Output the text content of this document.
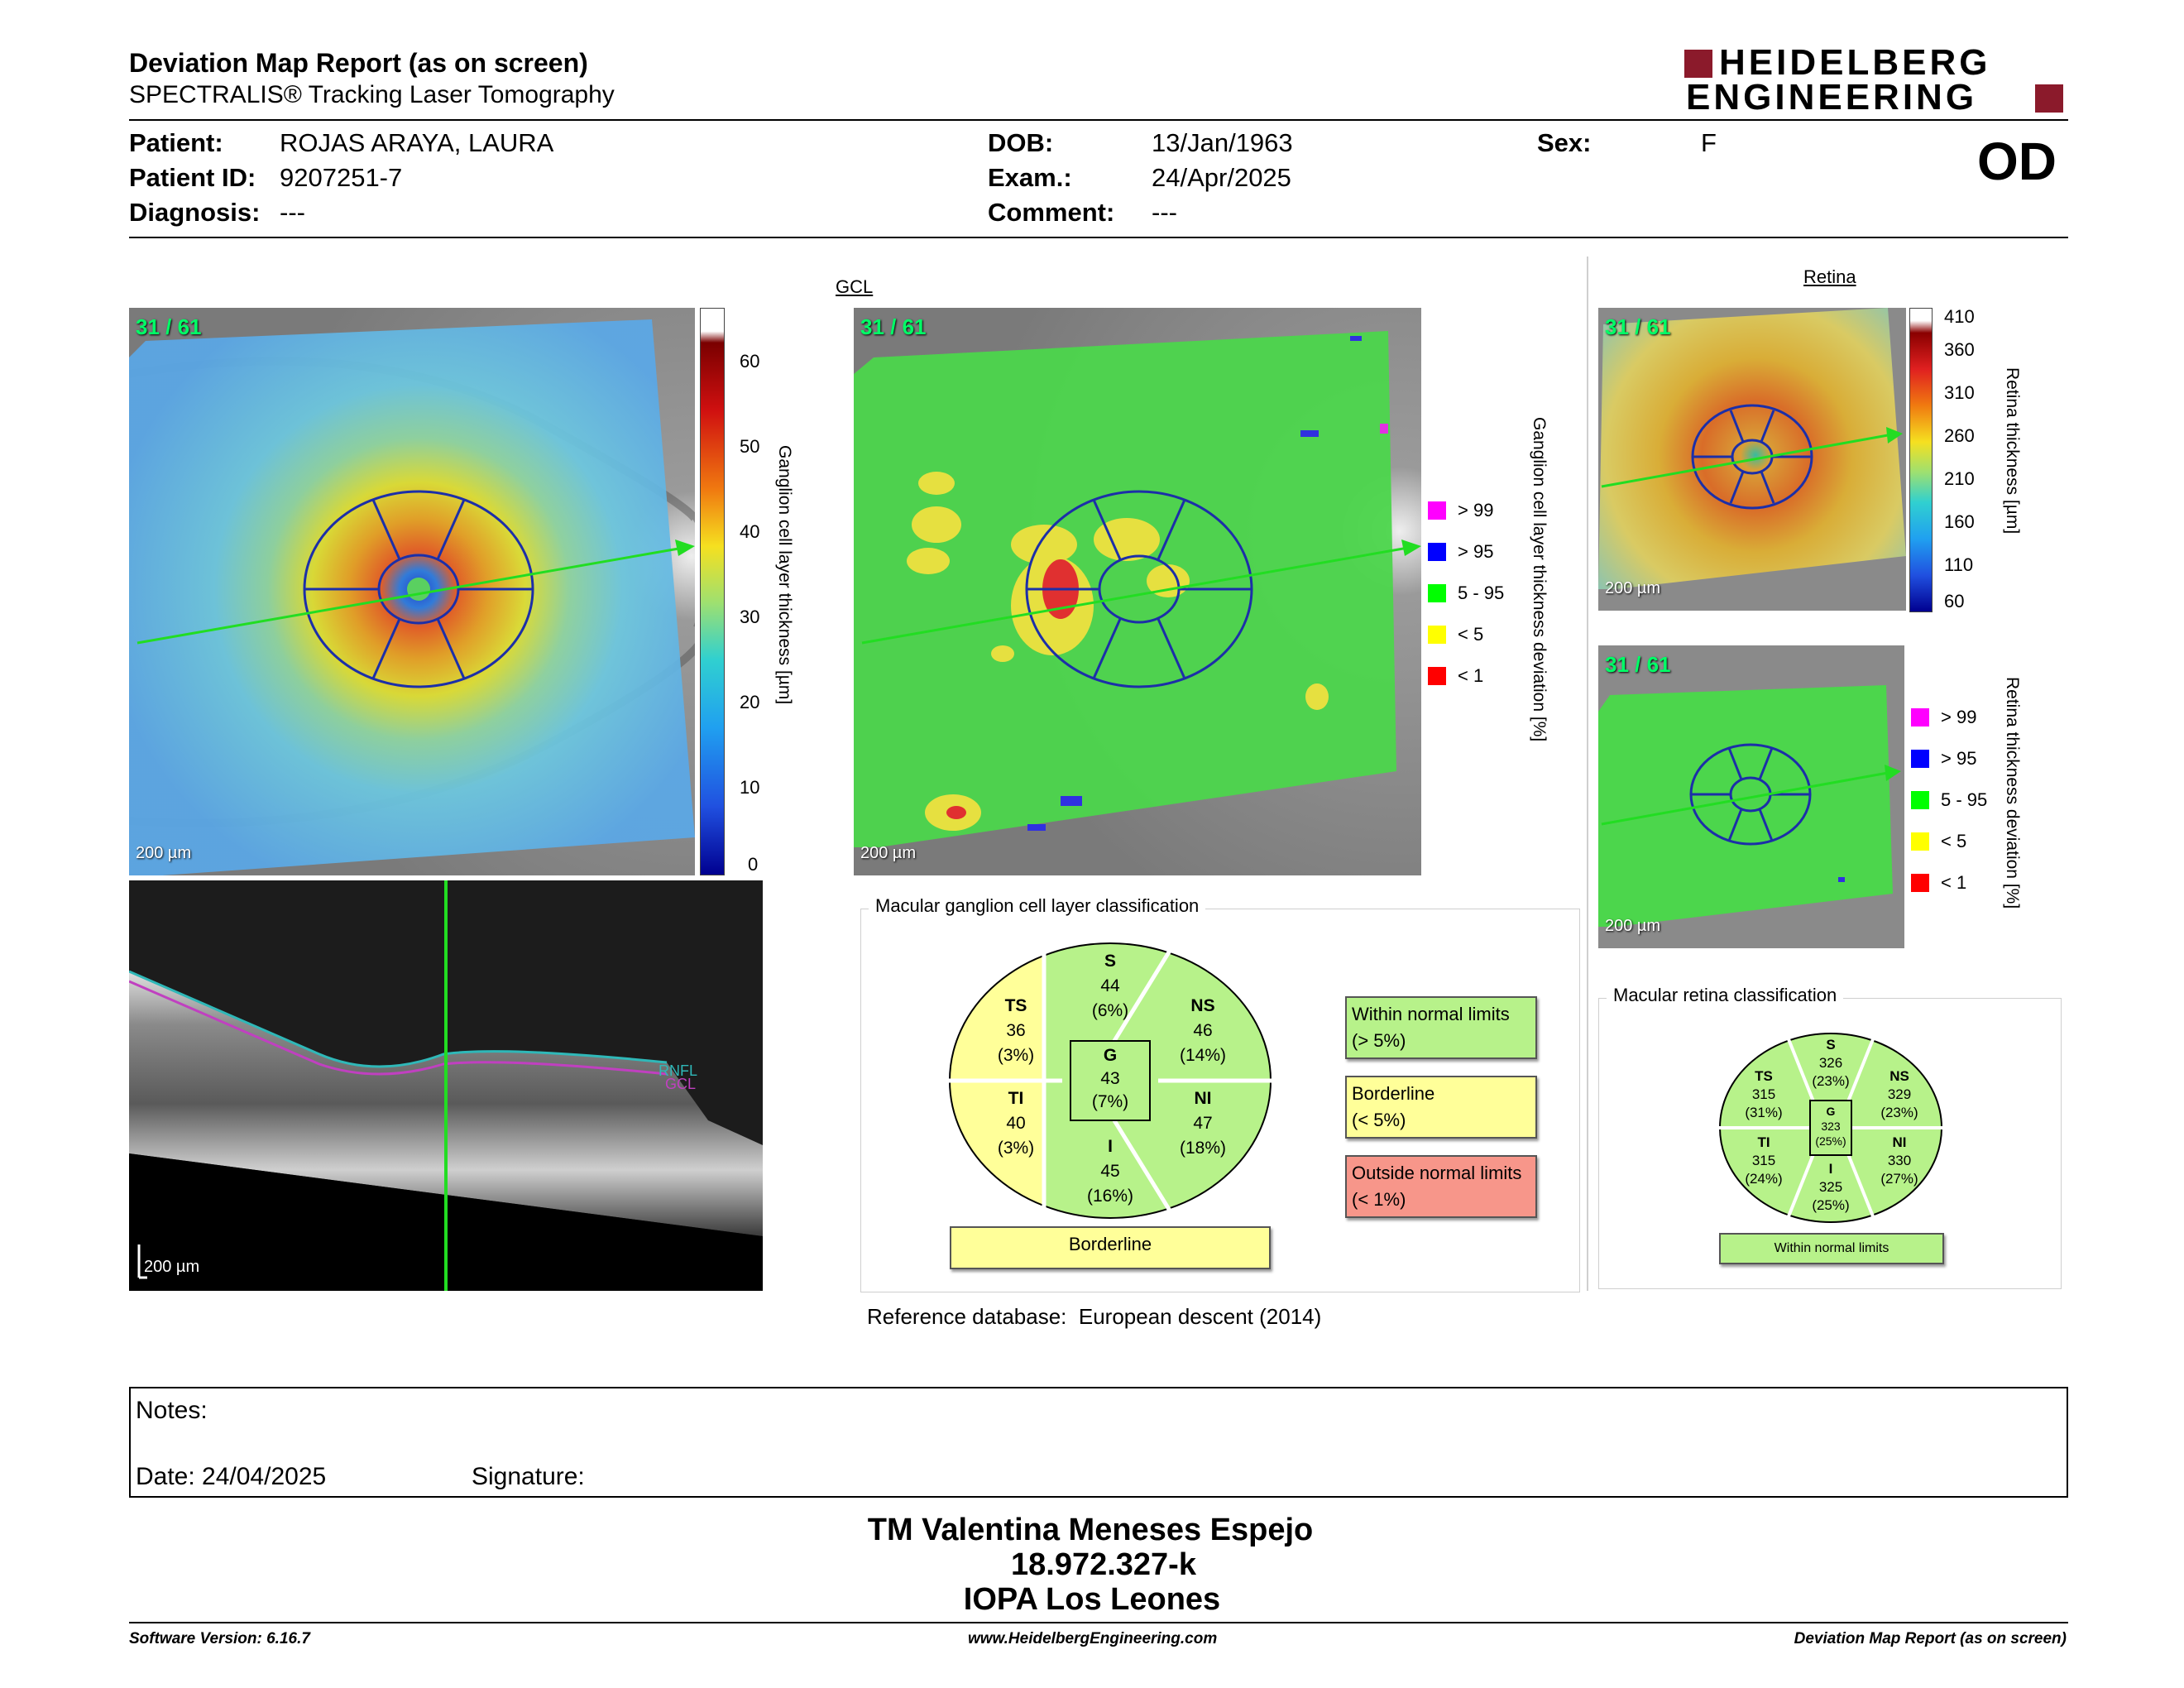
Deviation Map Report (as on screen)
SPECTRALIS® Tracking Laser Tomography
HEIDELBERG
ENGINEERING
Patient: ROJAS ARAYA, LAURA
Patient ID: 9207251-7
Diagnosis: ---
DOB:	13/Jan/1963
Exam.:	24/Apr/2025
Comment: ---
Sex:	F	OD
31 / 61
200 µm
60
50
40
30
20
10
0
Ganglion cell layer thickness [µm]
RNFL
GCL
200 µm
GCL
31 / 61
200 µm
> 99
> 95
5 - 95
< 5
< 1	Ganglion cell layer thickness deviation [%]
Macular ganglion cell layer classification
S
44
(6%)	NS
46
(14%)
NI
47
(18%)
I
45
(16%)
TI
40
(3%)
TS
36
(3%)	G
43
(7%)
Borderline
Within normal limits
(> 5%)
Borderline
(< 5%)
Outside normal limits
(< 1%)
Reference database: European descent (2014)
Retina
31 / 61
200 µm
410
360
310
260
210
160
110
60
Retina thickness [µm]
31 / 61
200 µm
> 99
> 95
5 - 95
< 5
< 1 Retina thickness deviation [%]
Macular retina classification
S
326
(23%)	NS
329
(23%)
NI
330
(27%)
I
325
(25%)
TI
315
(24%)
TS
315
(31%)	G
323
(25%)
Within normal limits
Notes:
Date: 24/04/2025	Signature:
TM Valentina Meneses Espejo
18.972.327-k
IOPA Los Leones
Software Version: 6.16.7	www.HeidelbergEngineering.com	Deviation Map Report (as on screen)
